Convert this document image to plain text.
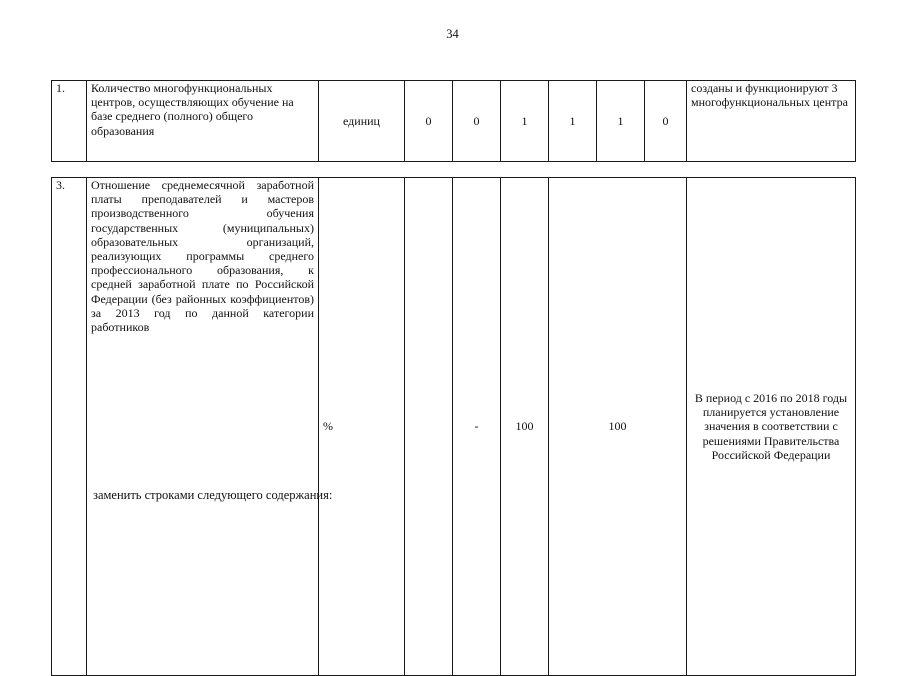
34
1.	Количество многофункциональных центров, осуществляющих обучение на базе среднего (полного) общего образования	единиц	0	0	1	1	1	0	созданы и функционируют 3 многофункциональных центра
3.	Отношение среднемесячной заработной платы преподавателей и мастеров производственного обучения государственных (муниципальных) образовательных организаций, реализующих программы среднего профессионального образования, к средней заработной плате по Российской Федерации (без районных коэффициентов) за 2013 год по данной категории работников	%		-	100	100	В период с 2016 по 2018 годы планируется установление значения в соответствии с решениями Правительства Российской Федерации	
заменить строками следующего содержания:
